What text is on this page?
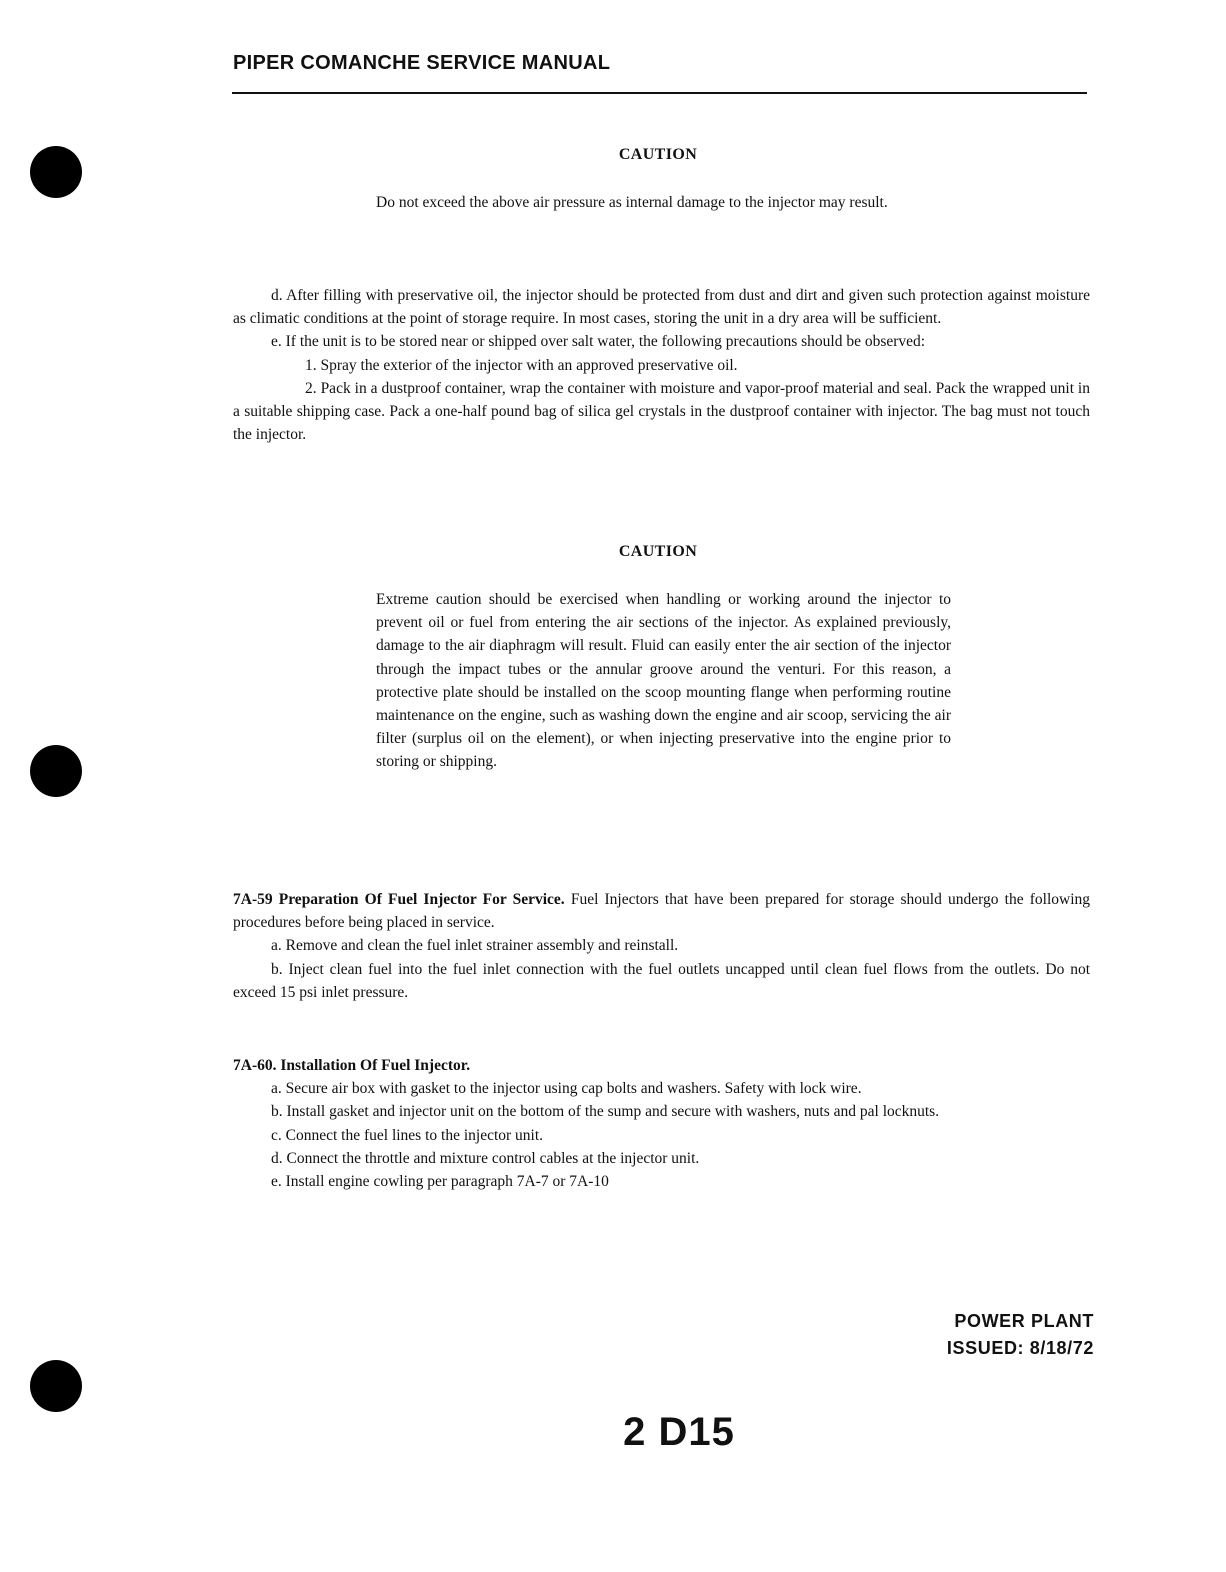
PIPER COMANCHE SERVICE MANUAL
CAUTION
Do not exceed the above air pressure as internal damage to the injector may result.

d. After filling with preservative oil, the injector should be protected from dust and dirt and given such protection against moisture as climatic conditions at the point of storage require. In most cases, storing the unit in a dry area will be sufficient.

e. If the unit is to be stored near or shipped over salt water, the following precautions should be observed:

1. Spray the exterior of the injector with an approved preservative oil.

2. Pack in a dustproof container, wrap the container with moisture and vapor-proof material and seal. Pack the wrapped unit in a suitable shipping case. Pack a one-half pound bag of silica gel crystals in the dustproof container with injector. The bag must not touch the injector.

CAUTION
Extreme caution should be exercised when handling or working around the injector to prevent oil or fuel from entering the air sections of the injector. As explained previously, damage to the air diaphragm will result. Fluid can easily enter the air section of the injector through the impact tubes or the annular groove around the venturi. For this reason, a protective plate should be installed on the scoop mounting flange when performing routine maintenance on the engine, such as washing down the engine and air scoop, servicing the air filter (surplus oil on the element), or when injecting preservative into the engine prior to storing or shipping.

7A-59 Preparation Of Fuel Injector For Service. Fuel Injectors that have been prepared for storage should undergo the following procedures before being placed in service.

a. Remove and clean the fuel inlet strainer assembly and reinstall.

b. Inject clean fuel into the fuel inlet connection with the fuel outlets uncapped until clean fuel flows from the outlets. Do not exceed 15 psi inlet pressure.

7A-60. Installation Of Fuel Injector.

a. Secure air box with gasket to the injector using cap bolts and washers. Safety with lock wire.

b. Install gasket and injector unit on the bottom of the sump and secure with washers, nuts and pal locknuts.

c. Connect the fuel lines to the injector unit.

d. Connect the throttle and mixture control cables at the injector unit.

e. Install engine cowling per paragraph 7A-7 or 7A-10

POWER PLANT
ISSUED: 8/18/72
2 D15
